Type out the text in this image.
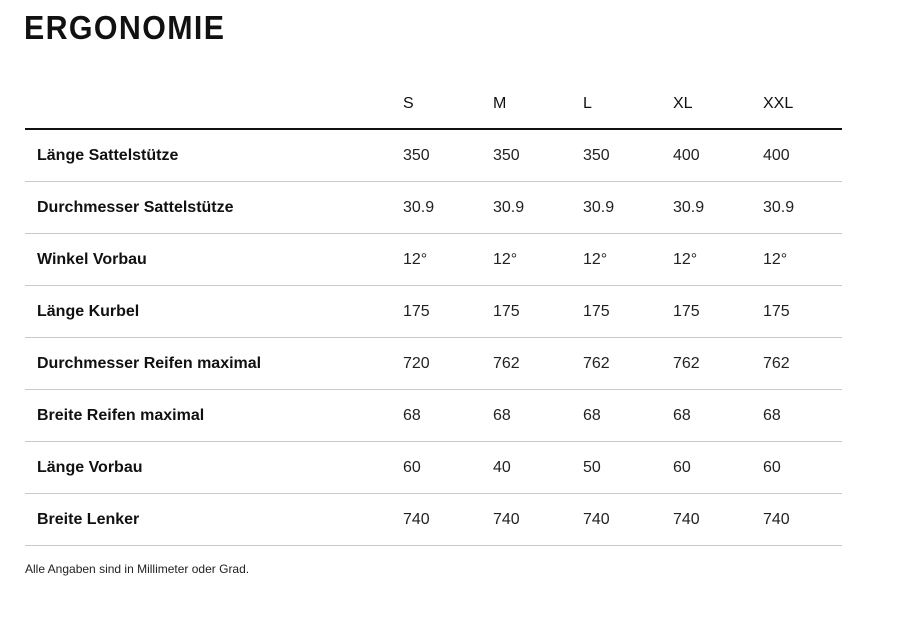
ERGONOMIE
	S	M	L	XL	XXL
Länge Sattelstütze	350	350	350	400	400
Durchmesser Sattelstütze	30.9	30.9	30.9	30.9	30.9
Winkel Vorbau	12°	12°	12°	12°	12°
Länge Kurbel	175	175	175	175	175
Durchmesser Reifen maximal	720	762	762	762	762
Breite Reifen maximal	68	68	68	68	68
Länge Vorbau	60	40	50	60	60
Breite Lenker	740	740	740	740	740

Alle Angaben sind in Millimeter oder Grad.
